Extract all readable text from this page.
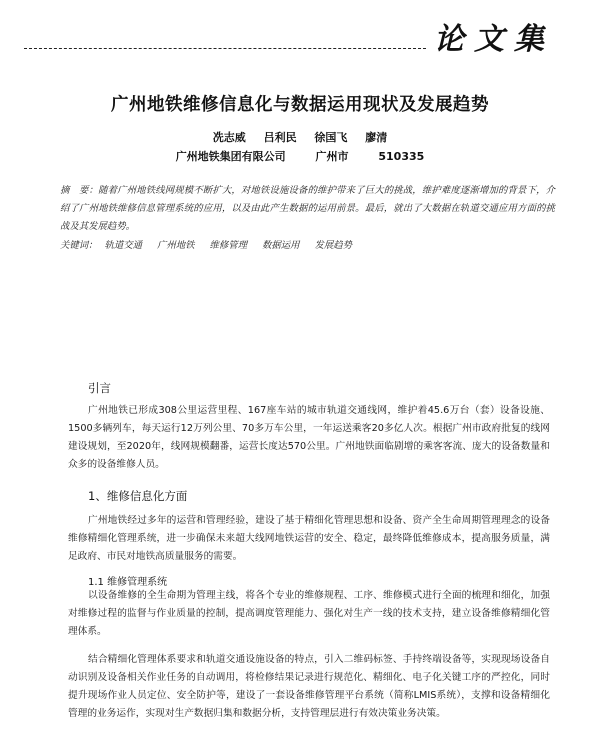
论文集
广州地铁维修信息化与数据运用现状及发展趋势
冼志威 吕利民 徐国飞 廖清
广州地铁集团有限公司	广州市	510335
摘　要：随着广州地铁线网规模不断扩大，对地铁设施设备的维护带来了巨大的挑战，维护难度逐渐增加的背景下，介绍了广州地铁维修信息管理系统的应用，以及由此产生数据的运用前景。最后，就出了大数据在轨道交通应用方面的挑战及其发展趋势。
关键词： 轨道交通 广州地铁 维修管理 数据运用 发展趋势
引言

广州地铁已形成308公里运营里程、167座车站的城市轨道交通线网，维护着45.6万台（套）设备设施、1500多辆列车，每天运行12万列公里、70多万车公里，一年运送乘客20多亿人次。根据广州市政府批复的线网建设规划，至2020年，线网规模翻番，运营长度达570公里。广州地铁面临剧增的乘客客流、庞大的设备数量和众多的设备维修人员。

1、维修信息化方面

广州地铁经过多年的运营和管理经验，建设了基于精细化管理思想和设备、资产全生命周期管理理念的设备维修精细化管理系统，进一步确保未来超大线网地铁运营的安全、稳定，最终降低维修成本，提高服务质量，满足政府、市民对地铁高质量服务的需要。

1.1 维修管理系统

以设备维修的全生命期为管理主线，将各个专业的维修规程、工序、维修模式进行全面的梳理和细化，加强对维修过程的监督与作业质量的控制，提高调度管理能力、强化对生产一线的技术支持，建立设备维修精细化管理体系。

结合精细化管理体系要求和轨道交通设施设备的特点，引入二维码标签、手持终端设备等，实现现场设备自动识别及设备相关作业任务的自动调用，将检修结果记录进行规范化、精细化、电子化关键工序的严控化，同时提升现场作业人员定位、安全防护等，建设了一套设备维修管理平台系统（简称LMIS系统），支撑和设备精细化管理的业务运作，实现对生产数据归集和数据分析，支持管理层进行有效决策业务决策。
